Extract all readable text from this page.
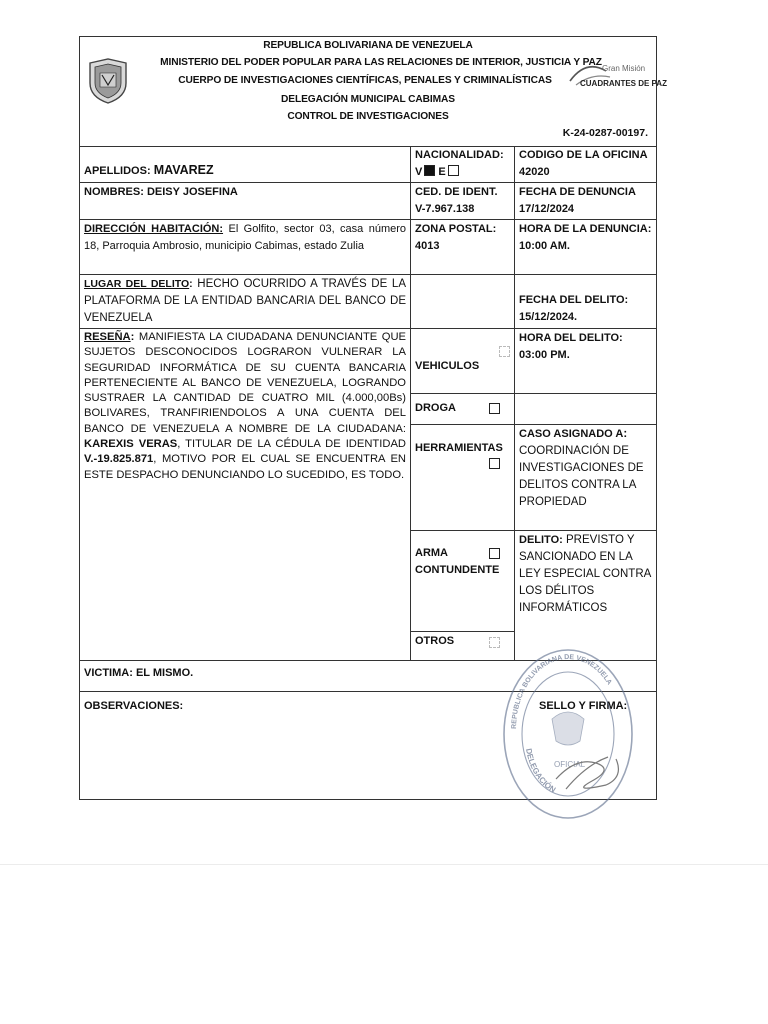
REPUBLICA BOLIVARIANA DE VENEZUELA
MINISTERIO DEL PODER POPULAR PARA LAS RELACIONES DE INTERIOR, JUSTICIA Y PAZ
CUERPO DE INVESTIGACIONES CIENTÍFICAS, PENALES Y CRIMINALÍSTICAS
DELEGACIÓN MUNICIPAL CABIMAS
CONTROL DE INVESTIGACIONES
Gran Misión
CUADRANTES DE PAZ
K-24-0287-00197.
APELLIDOS: MAVAREZ
NACIONALIDAD:
V E
CODIGO DE LA OFICINA
42020
NOMBRES: DEISY JOSEFINA	CED. DE IDENT.
V-7.967.138
FECHA DE DENUNCIA
17/12/2024
DIRECCIÓN HABITACIÓN: El Golfito, sector 03, casa número 18, Parroquia Ambrosio, municipio Cabimas, estado Zulia
ZONA POSTAL:
4013
HORA DE LA DENUNCIA:
10:00 AM.
LUGAR DEL DELITO: HECHO OCURRIDO A TRAVÉS DE LA PLATAFORMA DE LA ENTIDAD BANCARIA DEL BANCO DE VENEZUELA
FECHA DEL DELITO:
15/12/2024.
RESEÑA: MANIFIESTA LA CIUDADANA DENUNCIANTE QUE SUJETOS DESCONOCIDOS LOGRARON VULNERAR LA SEGURIDAD INFORMÁTICA DE SU CUENTA BANCARIA PERTENECIENTE AL BANCO DE VENEZUELA, LOGRANDO SUSTRAER LA CANTIDAD DE CUATRO MIL (4.000,00Bs) BOLIVARES, TRANFIRIENDOLOS A UNA CUENTA DEL BANCO DE VENEZUELA A NOMBRE DE LA CIUDADANA: KAREXIS VERAS, TITULAR DE LA CÉDULA DE IDENTIDAD V.-19.825.871, MOTIVO POR EL CUAL SE ENCUENTRA EN ESTE DESPACHO DENUNCIANDO LO SUCEDIDO, ES TODO.
VEHICULOS
DROGA
HERRAMIENTAS
ARMA CONTUNDENTE
OTROS
HORA DEL DELITO:
03:00 PM.
CASO ASIGNADO A: COORDINACIÓN DE INVESTIGACIONES DE DELITOS CONTRA LA PROPIEDAD
DELITO: PREVISTO Y SANCIONADO EN LA LEY ESPECIAL CONTRA LOS DÉLITOS INFORMÁTICOS
VICTIMA: EL MISMO.
OBSERVACIONES:	SELLO Y FIRMA:
REPUBLICA BOLIVARIANA DE VENEZUELA
DELEGACIÓN
OFICIAL
